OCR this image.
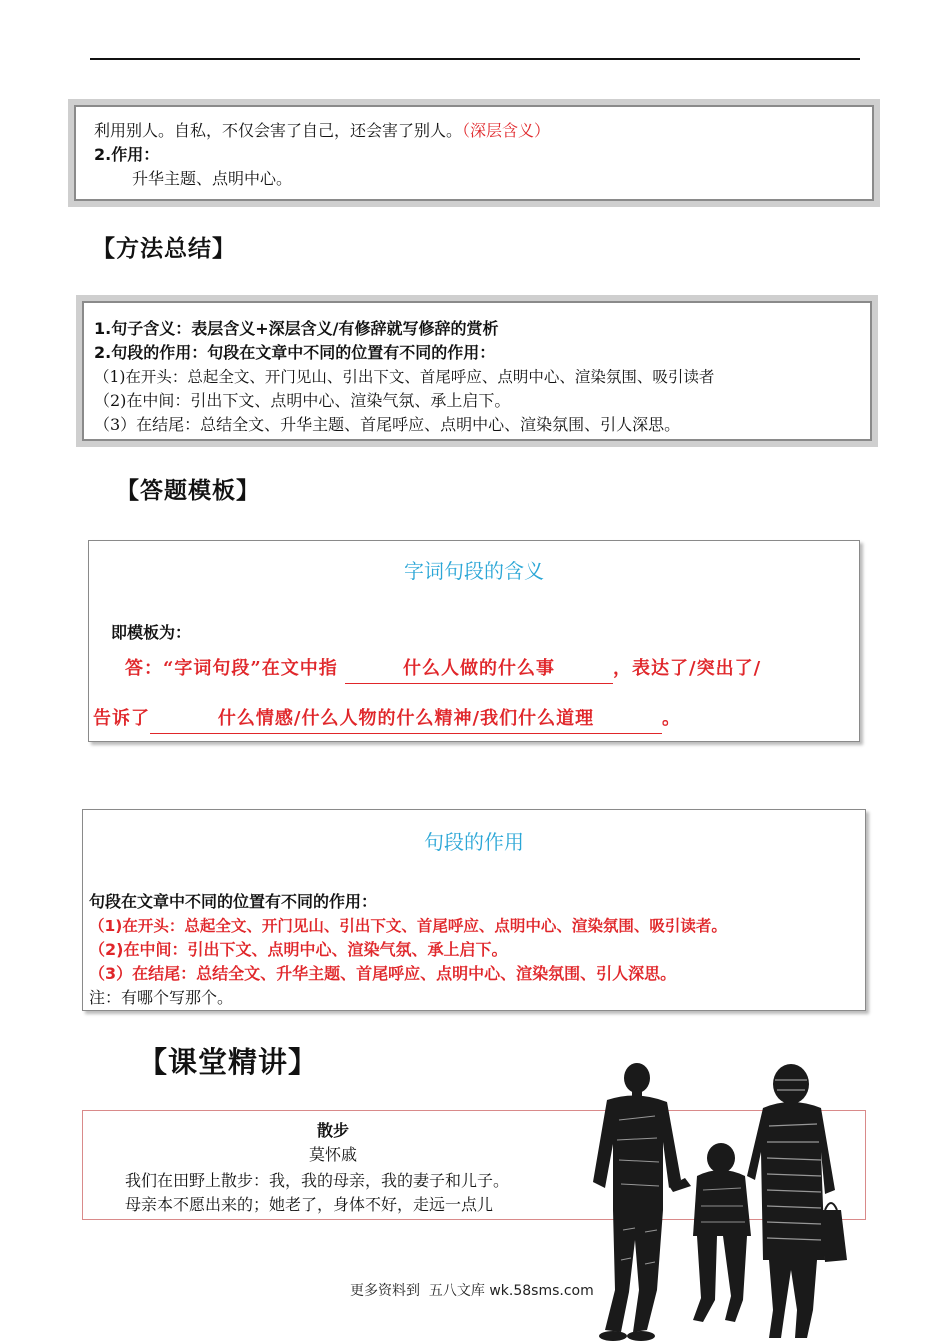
利用别人。自私，不仅会害了自己，还会害了别人。（深层含义）
2.作用：
升华主题、点明中心。
【方法总结】
1.句子含义：表层含义+深层含义/有修辞就写修辞的赏析
2.句段的作用：句段在文章中不同的位置有不同的作用：
（1)在开头：总起全文、开门见山、引出下文、首尾呼应、点明中心、渲染氛围、吸引读者
（2)在中间：引出下文、点明中心、渲染气氛、承上启下。
（3）在结尾：总结全文、升华主题、首尾呼应、点明中心、渲染氛围、引人深思。
【答题模板】
字词句段的含义
即模板为：
答：“字词句段”在文中指	什么人做的什么事	，表达了/突出了/
告诉了	什么情感/什么人物的什么精神/我们什么道理	。
句段的作用
句段在文章中不同的位置有不同的作用：
（1)在开头：总起全文、开门见山、引出下文、首尾呼应、点明中心、渲染氛围、吸引读者。
（2)在中间：引出下文、点明中心、渲染气氛、承上启下。
（3）在结尾：总结全文、升华主题、首尾呼应、点明中心、渲染氛围、引人深思。
注：有哪个写那个。
【课堂精讲】
散步
莫怀戚
我们在田野上散步：我，我的母亲，我的妻子和儿子。
母亲本不愿出来的；她老了，身体不好，走远一点儿
更多资料到  五八文库 wk.58sms.com
